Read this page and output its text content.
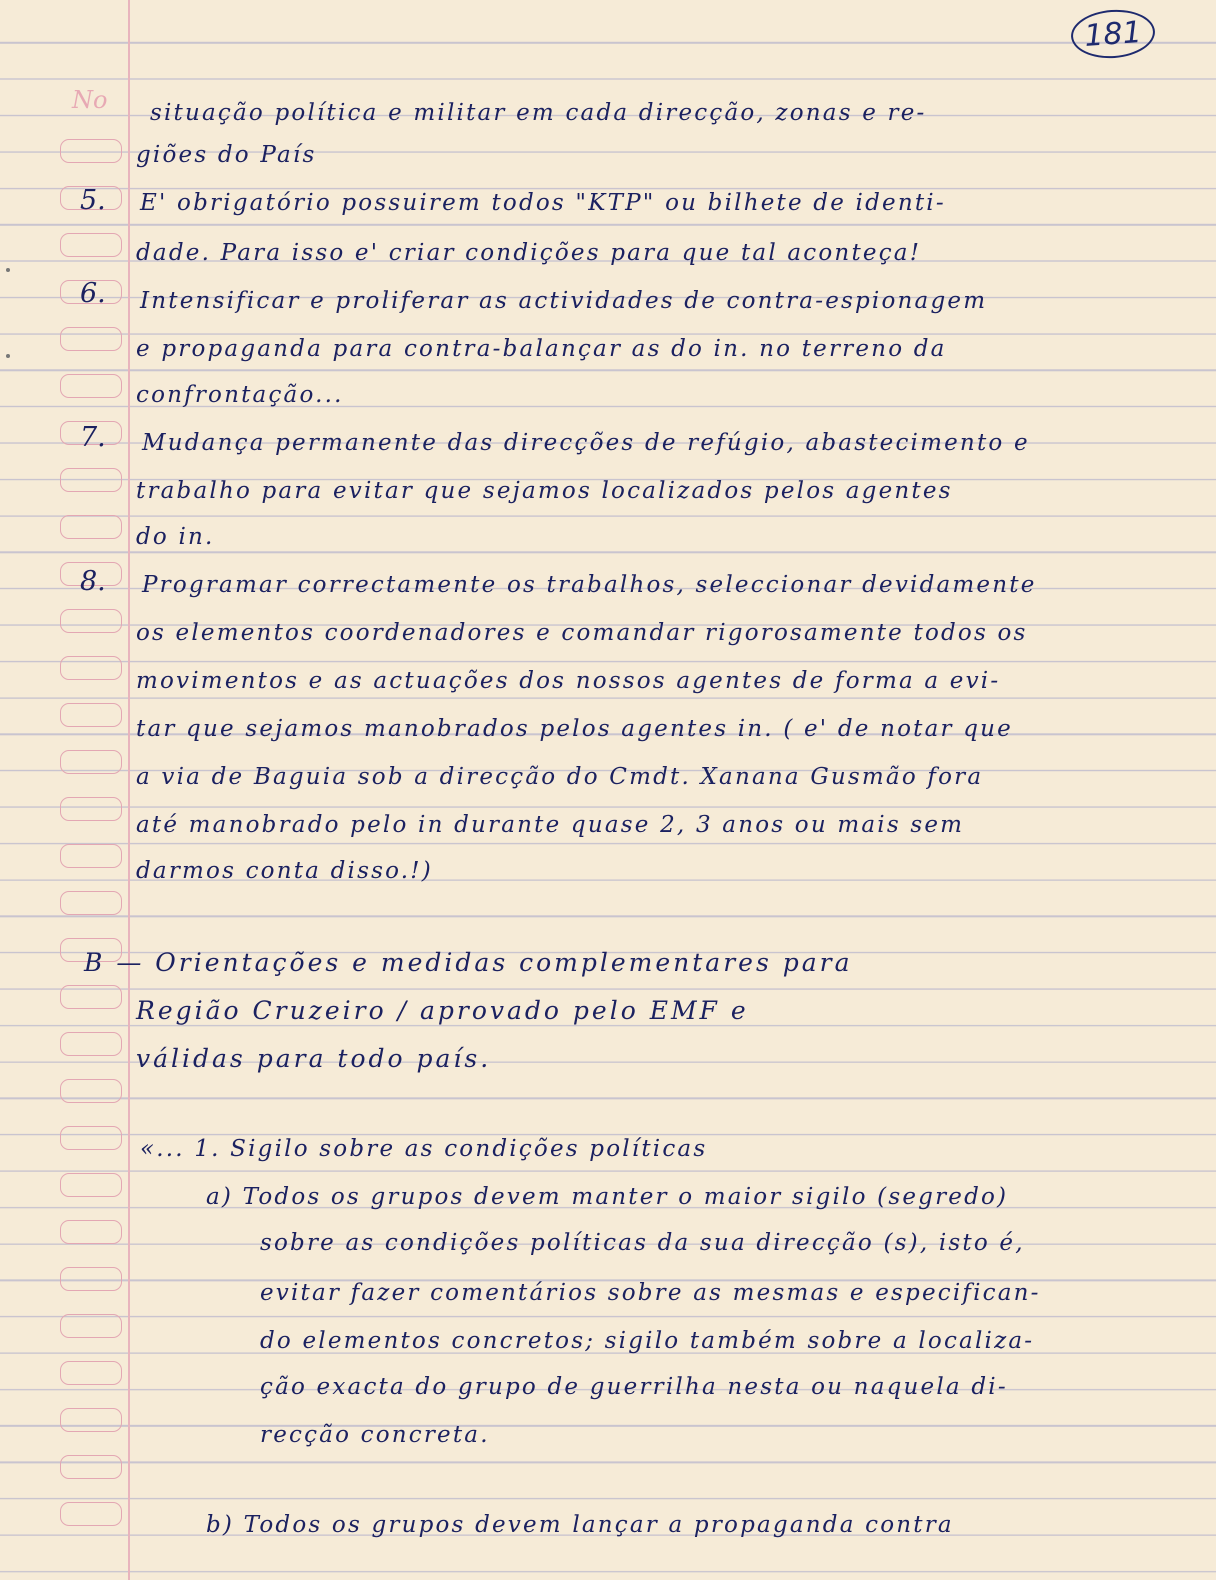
No
181
5.
6.
7.
8.
situação política e militar em cada direcção, zonas e re-
giões do País
E' obrigatório possuirem todos "KTP" ou bilhete de identi-
dade. Para isso e' criar condições para que tal aconteça!
Intensificar e proliferar as actividades de contra-espionagem
e propaganda para contra-balançar as do in. no terreno da
confrontação...
Mudança permanente das direcções de refúgio, abastecimento e
trabalho para evitar que sejamos localizados pelos agentes
do in.
Programar correctamente os trabalhos, seleccionar devidamente
os elementos coordenadores e comandar rigorosamente todos os
movimentos e as actuações dos nossos agentes de forma a evi-
tar que sejamos manobrados pelos agentes in. ( e' de notar que
a via de Baguia sob a direcção do Cmdt. Xanana Gusmão fora
até manobrado pelo in durante quase 2, 3 anos ou mais sem
darmos conta disso.!)
B — Orientações e medidas complementares para
Região Cruzeiro / aprovado pelo EMF e
válidas para todo país.
«... 1. Sigilo sobre as condições políticas
a) Todos os grupos devem manter o maior sigilo (segredo)
sobre as condições políticas da sua direcção (s), isto é,
evitar fazer comentários sobre as mesmas e especifican-
do elementos concretos; sigilo também sobre a localiza-
ção exacta do grupo de guerrilha nesta ou naquela di-
recção concreta.
b) Todos os grupos devem lançar a propaganda contra
